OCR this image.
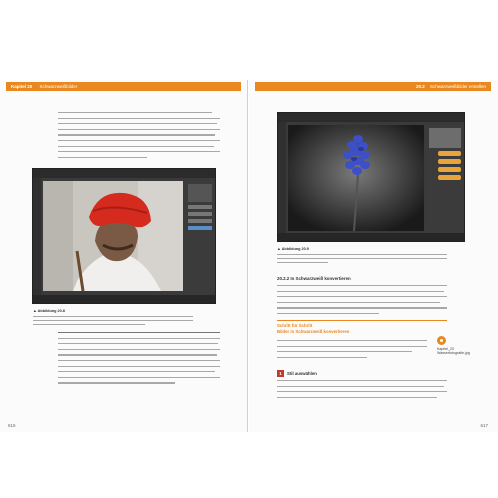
Kapitel 20 Schwarzweißbilder
▲ Abbildung 20.8
616
20.2 Schwarzweißbilder erstellen
▲ Abbildung 20.9
20.2.2 In Schwarzweiß konvertieren
Schritt für Schritt
Bilder in Schwarzweiß konvertieren
1	Stil auswählen
Kapitel_20
Wasserfotografie.jpg
617
